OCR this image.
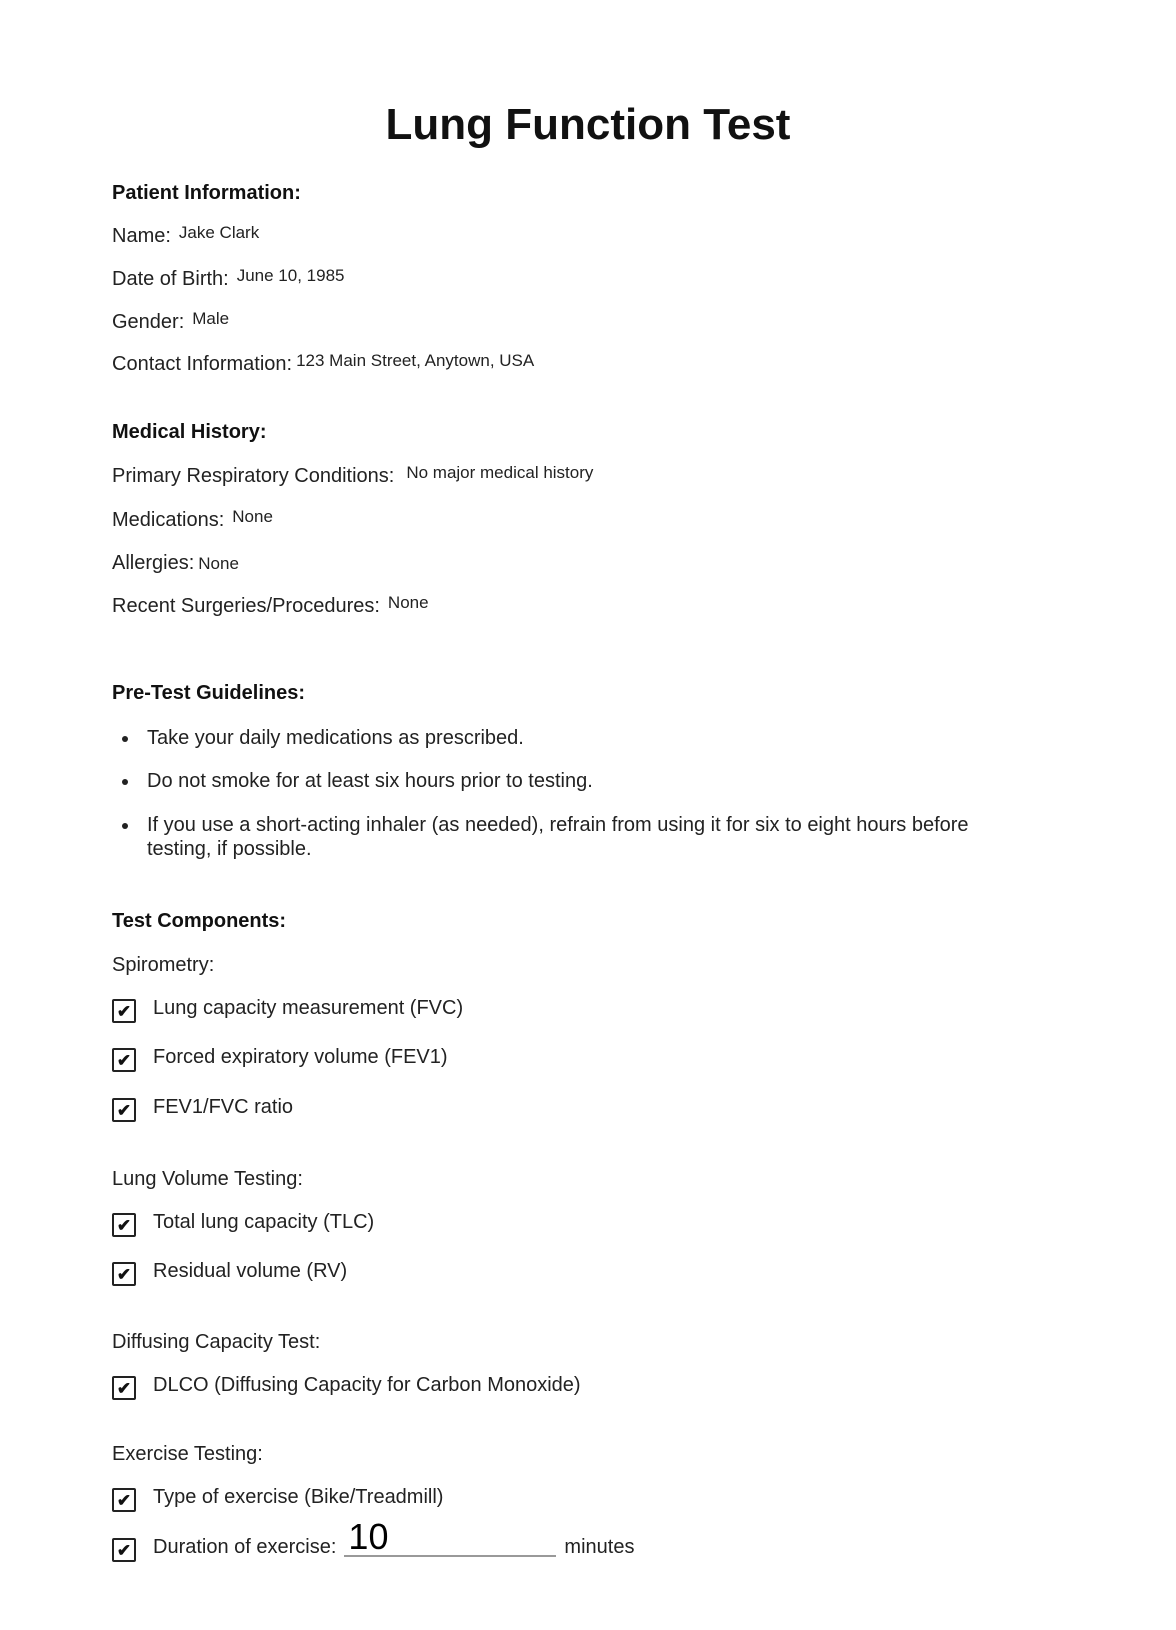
Lung Function Test
Patient Information:
Name: Jake Clark
Date of Birth: June 10, 1985
Gender: Male
Contact Information: 123 Main Street, Anytown, USA
Medical History:
Primary Respiratory Conditions: No major medical history
Medications: None
Allergies: None
Recent Surgeries/Procedures: None
Pre-Test Guidelines:
Take your daily medications as prescribed.
Do not smoke for at least six hours prior to testing.
If you use a short-acting inhaler (as needed), refrain from using it for six to eight hours before testing, if possible.
Test Components:
Spirometry:
✔ Lung capacity measurement (FVC)
✔ Forced expiratory volume (FEV1)
✔ FEV1/FVC ratio
Lung Volume Testing:
✔ Total lung capacity (TLC)
✔ Residual volume (RV)
Diffusing Capacity Test:
✔ DLCO (Diffusing Capacity for Carbon Monoxide)
Exercise Testing:
✔ Type of exercise (Bike/Treadmill)
✔ Duration of exercise: 10	minutes
